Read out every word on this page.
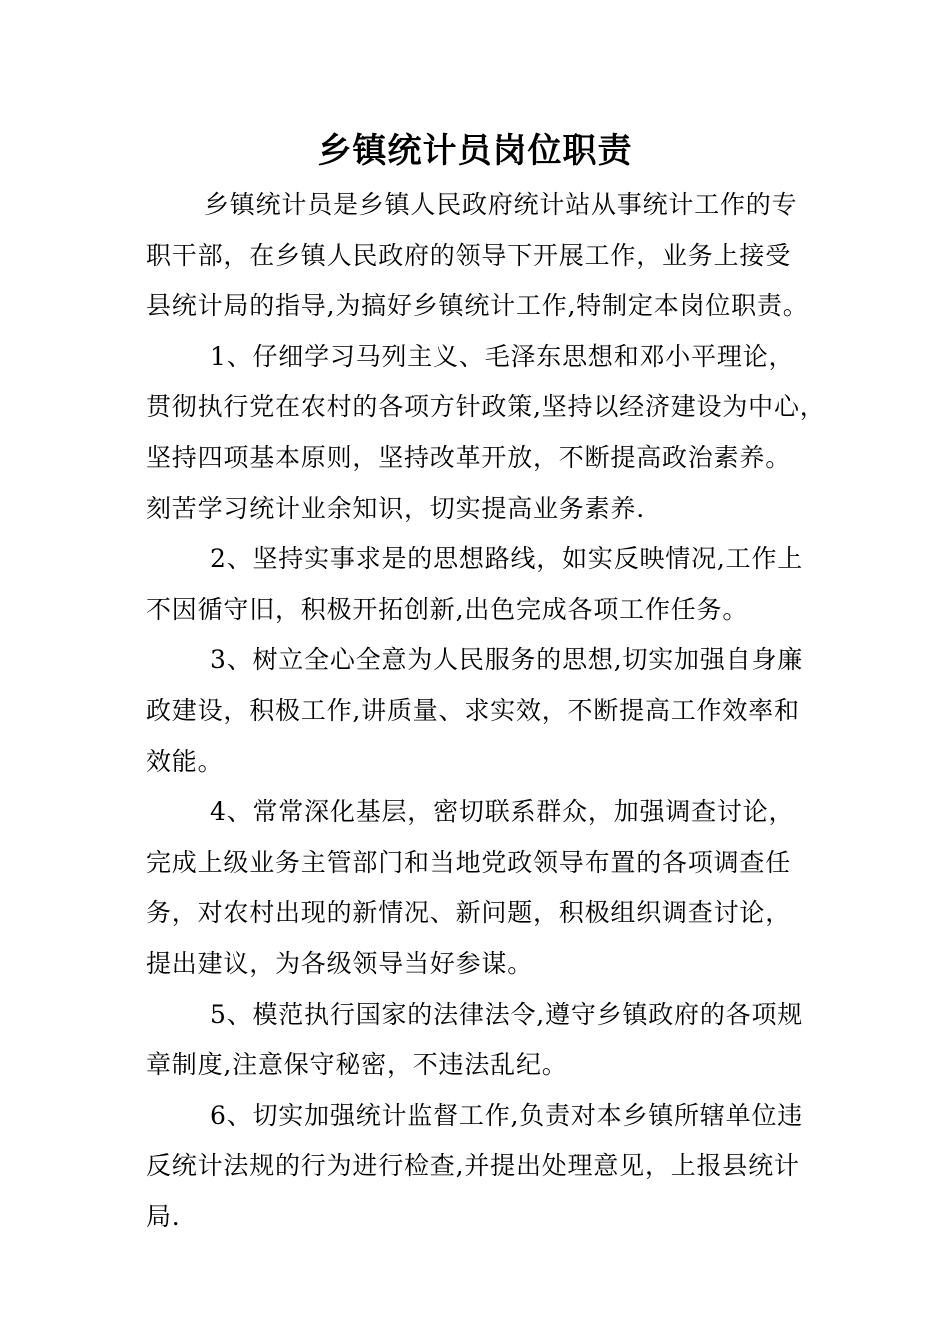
乡镇统计员岗位职责
乡镇统计员是乡镇人民政府统计站从事统计工作的专
职干部，在乡镇人民政府的领导下开展工作，业务上接受
县统计局的指导,为搞好乡镇统计工作,特制定本岗位职责。
1、仔细学习马列主义、毛泽东思想和邓小平理论，
贯彻执行党在农村的各项方针政策,坚持以经济建设为中心，
坚持四项基本原则，坚持改革开放，不断提高政治素养。
刻苦学习统计业余知识，切实提高业务素养.
2、坚持实事求是的思想路线，如实反映情况,工作上
不因循守旧，积极开拓创新,出色完成各项工作任务。
3、树立全心全意为人民服务的思想,切实加强自身廉
政建设，积极工作,讲质量、求实效，不断提高工作效率和
效能。
4、常常深化基层，密切联系群众，加强调查讨论，
完成上级业务主管部门和当地党政领导布置的各项调查任
务，对农村出现的新情况、新问题，积极组织调查讨论，
提出建议，为各级领导当好参谋。
5、模范执行国家的法律法令,遵守乡镇政府的各项规
章制度,注意保守秘密，不违法乱纪。
6、切实加强统计监督工作,负责对本乡镇所辖单位违
反统计法规的行为进行检查,并提出处理意见，上报县统计
局.
